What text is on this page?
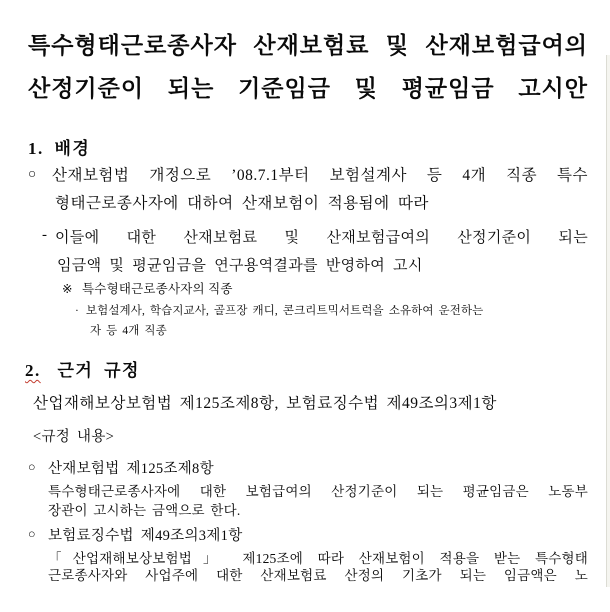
특수형태근로종사자 산재보험료 및 산재보험급여의
산정기준이 되는 기준임금 및 평균임금 고시안
1. 배경
○ 산재보험법 개정으로 ’08.7.1부터 보험설계사 등 4개 직종 특수
형태근로종사자에 대하여 산재보험이 적용됨에 따라
- 이들에 대한 산재보험료 및 산재보험급여의 산정기준이 되는
임금액 및 평균임금을 연구용역결과를 반영하여 고시
※ 특수형태근로종사자의 직종
· 보험설계사, 학습지교사, 골프장 캐디, 콘크리트믹서트럭을 소유하여 운전하는
자 등 4개 직종
2. 근거 규정
산업재해보상보험법 제125조제8항, 보험료징수법 제49조의3제1항
<규정 내용>
○ 산재보험법 제125조제8항
특수형태근로종사자에 대한 보험급여의 산정기준이 되는 평균임금은 노동부
장관이 고시하는 금액으로 한다.
○ 보험료징수법 제49조의3제1항
「산업재해보상보험법」 제125조에 따라 산재보험이 적용을 받는 특수형태
근로종사자와 사업주에 대한 산재보험료 산정의 기초가 되는 임금액은 노
